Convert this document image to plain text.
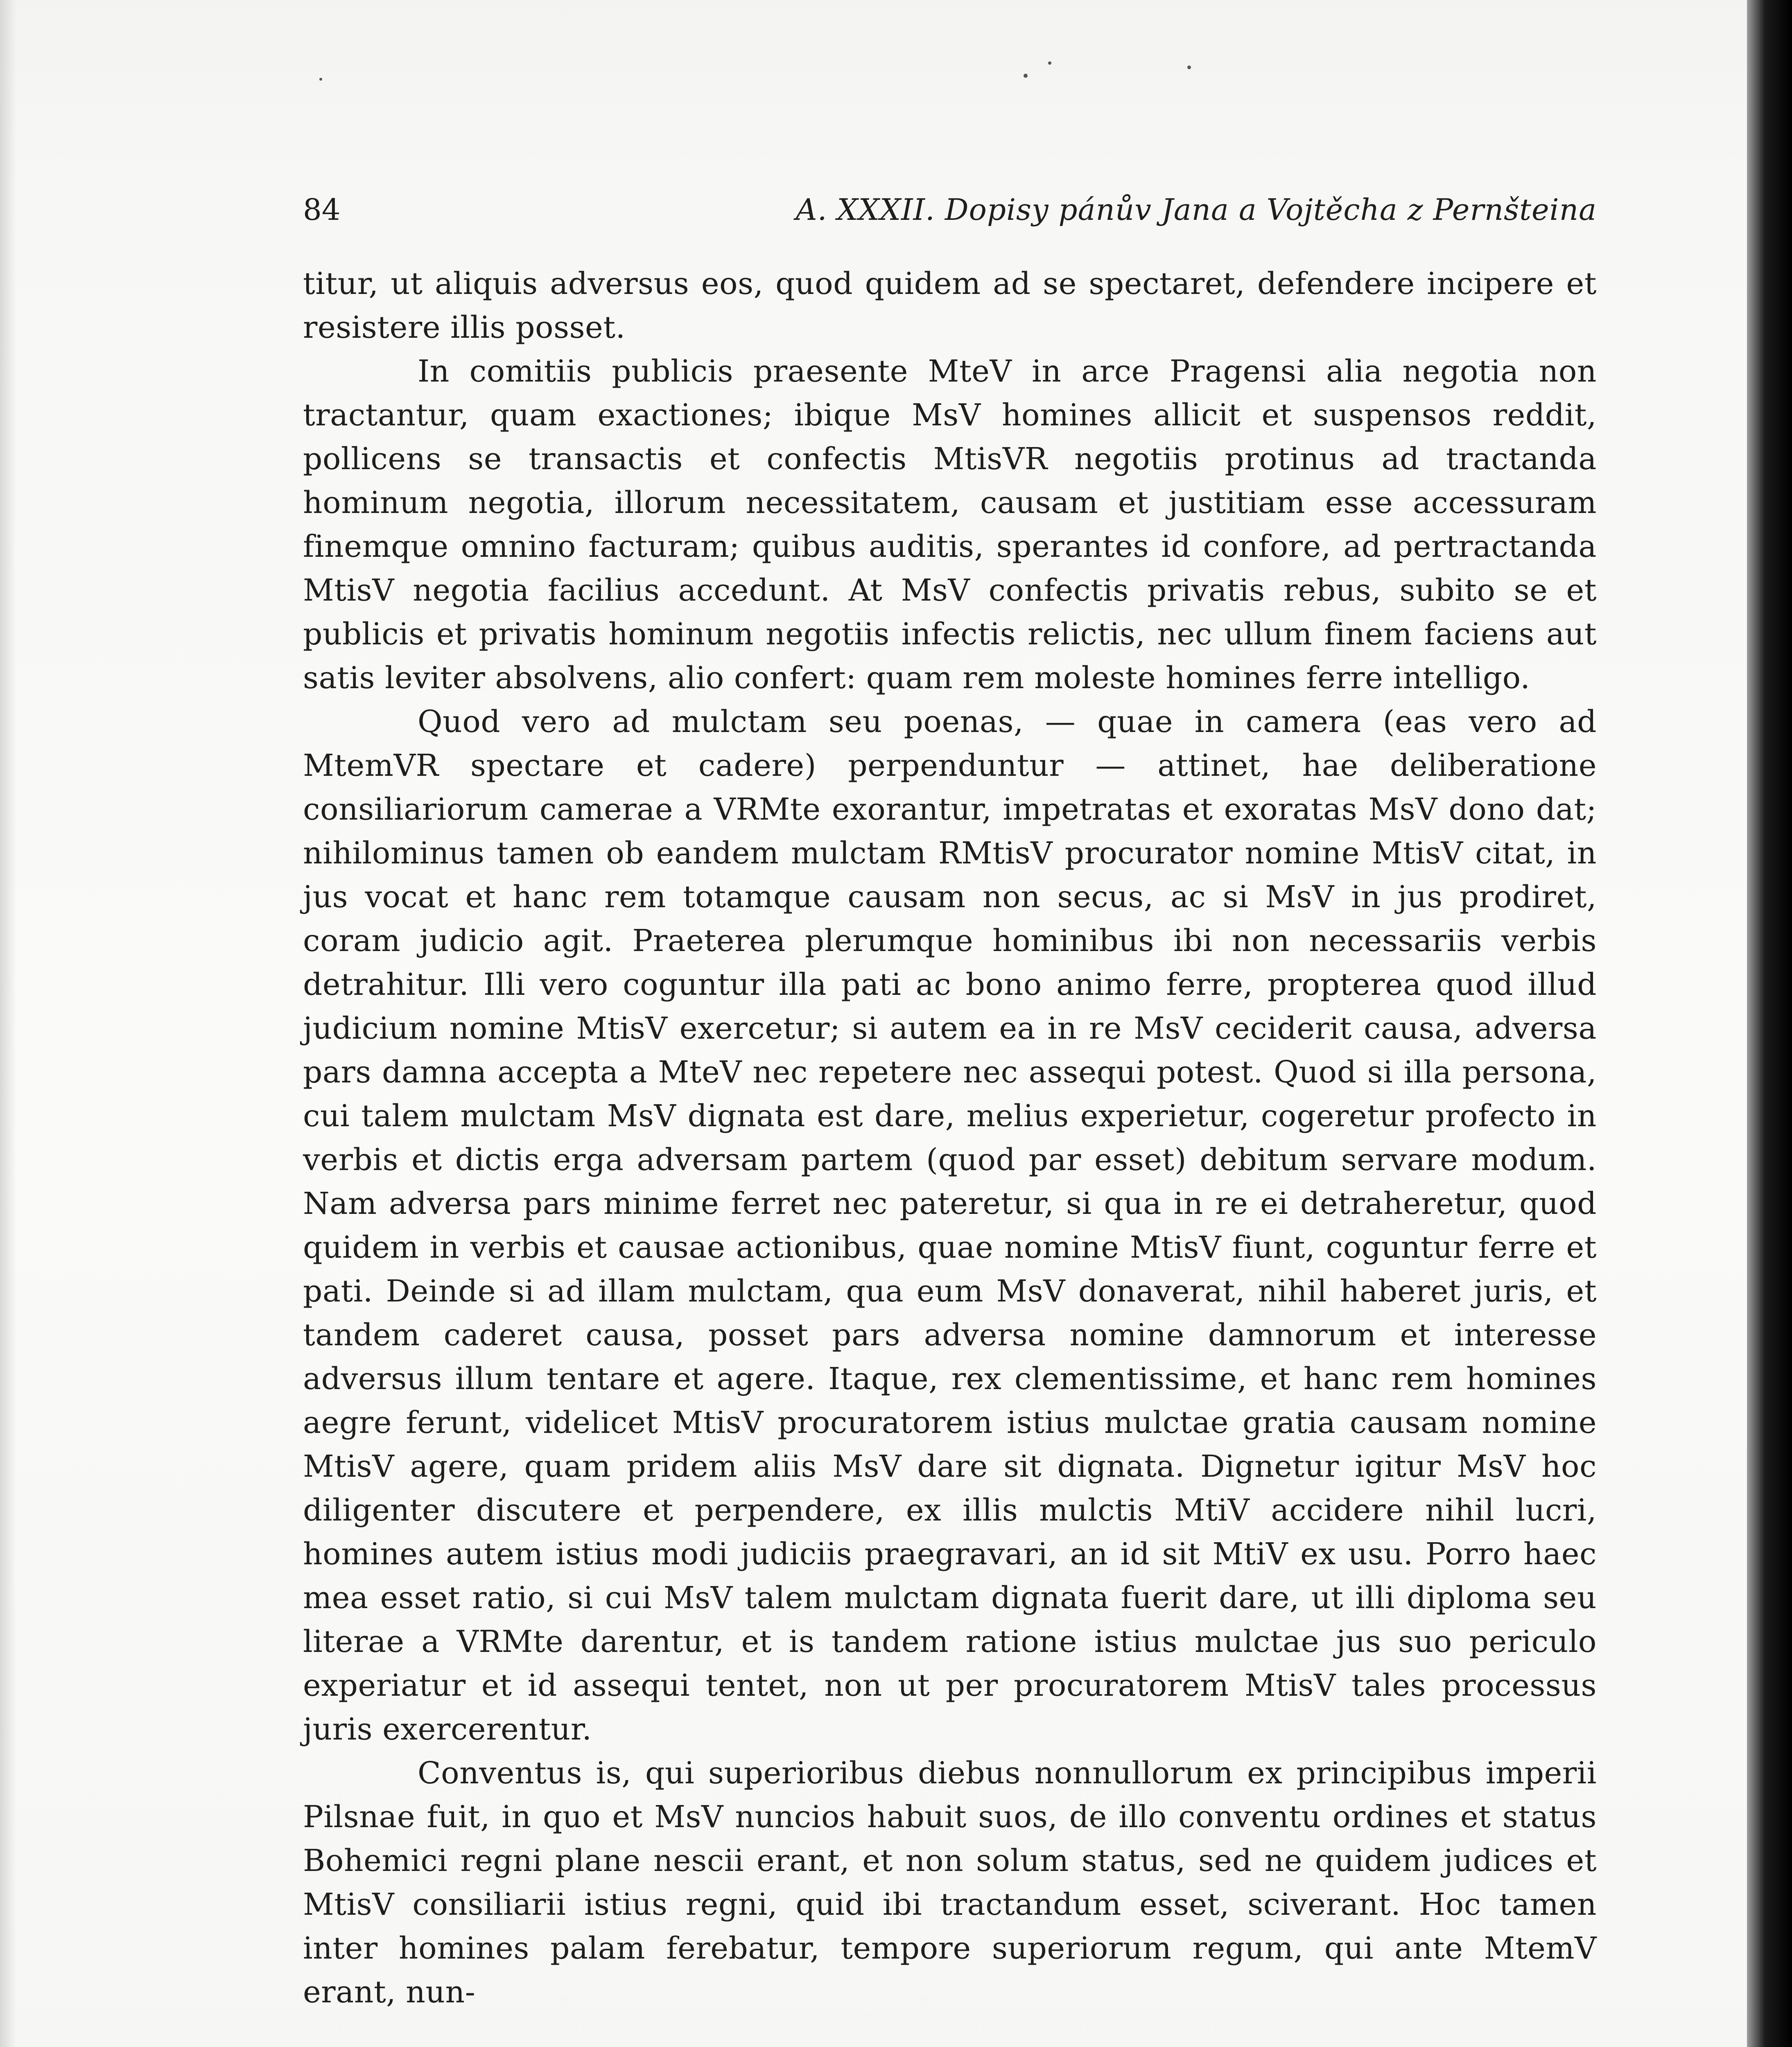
84	A. XXXII. Dopisy pánův Jana a Vojtěcha z Pernšteina

titur, ut aliquis adversus eos, quod quidem ad se spectaret, defendere incipere et resistere illis posset.

In comitiis publicis praesente MteV in arce Pragensi alia negotia non tractantur, quam exactiones; ibique MsV homines allicit et suspensos reddit, pollicens se transactis et confectis MtisVR negotiis protinus ad tractanda hominum negotia, illorum necessitatem, causam et justitiam esse accessuram finemque omnino facturam; quibus auditis, sperantes id confore, ad pertractanda MtisV negotia facilius accedunt. At MsV confectis privatis rebus, subito se et publicis et privatis hominum negotiis infectis relictis, nec ullum finem faciens aut satis leviter absolvens, alio confert: quam rem moleste homines ferre intelligo.

Quod vero ad mulctam seu poenas, — quae in camera (eas vero ad MtemVR spectare et cadere) perpenduntur — attinet, hae deliberatione consiliariorum camerae a VRMte exorantur, impetratas et exoratas MsV dono dat; nihilominus tamen ob eandem mulctam RMtisV procurator nomine MtisV citat, in jus vocat et hanc rem totamque causam non secus, ac si MsV in jus prodiret, coram judicio agit. Praeterea plerumque hominibus ibi non necessariis verbis detrahitur. Illi vero coguntur illa pati ac bono animo ferre, propterea quod illud judicium nomine MtisV exercetur; si autem ea in re MsV ceciderit causa, adversa pars damna accepta a MteV nec repetere nec assequi potest. Quod si illa persona, cui talem mulctam MsV dignata est dare, melius experietur, cogeretur profecto in verbis et dictis erga adversam partem (quod par esset) debitum servare modum. Nam adversa pars minime ferret nec pateretur, si qua in re ei detraheretur, quod quidem in verbis et causae actionibus, quae nomine MtisV fiunt, coguntur ferre et pati. Deinde si ad illam mulctam, qua eum MsV donaverat, nihil haberet juris, et tandem caderet causa, posset pars adversa nomine damnorum et interesse adversus illum tentare et agere. Itaque, rex clementissime, et hanc rem homines aegre ferunt, videlicet MtisV procuratorem istius mulctae gratia causam nomine MtisV agere, quam pridem aliis MsV dare sit dignata. Dignetur igitur MsV hoc diligenter discutere et perpendere, ex illis mulctis MtiV accidere nihil lucri, homines autem istius modi judiciis praegravari, an id sit MtiV ex usu. Porro haec mea esset ratio, si cui MsV talem mulctam dignata fuerit dare, ut illi diploma seu literae a VRMte darentur, et is tandem ratione istius mulctae jus suo periculo experiatur et id assequi tentet, non ut per procuratorem MtisV tales processus juris exercerentur.

Conventus is, qui superioribus diebus nonnullorum ex principibus imperii Pilsnae fuit, in quo et MsV nuncios habuit suos, de illo conventu ordines et status Bohemici regni plane nescii erant, et non solum status, sed ne quidem judices et MtisV consiliarii istius regni, quid ibi tractandum esset, sciverant. Hoc tamen inter homines palam ferebatur, tempore superiorum regum, qui ante MtemV erant, nun-
